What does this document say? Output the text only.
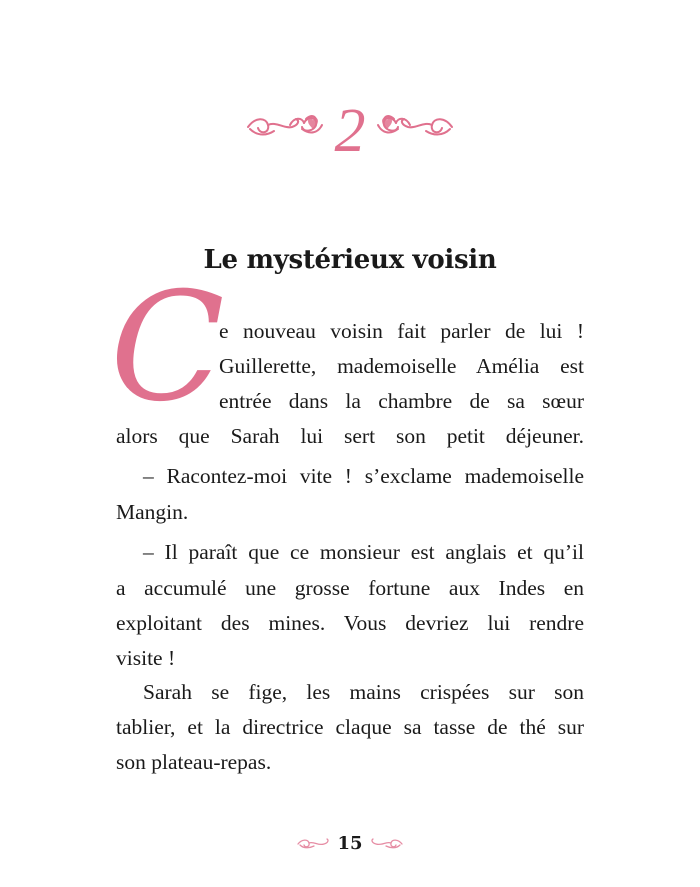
2
Le mystérieux voisin
C
e nouveau voisin fait parler de lui !
Guillerette, mademoiselle Amélia est
entrée dans la chambre de sa sœur
alors que Sarah lui sert son petit déjeuner.
– Racontez-moi vite ! s’exclame mademoiselle
Mangin.
– Il paraît que ce monsieur est anglais et qu’il
a accumulé une grosse fortune aux Indes en
exploitant des mines. Vous devriez lui rendre
visite !
Sarah se fige, les mains crispées sur son
tablier, et la directrice claque sa tasse de thé sur
son plateau-repas.
15
